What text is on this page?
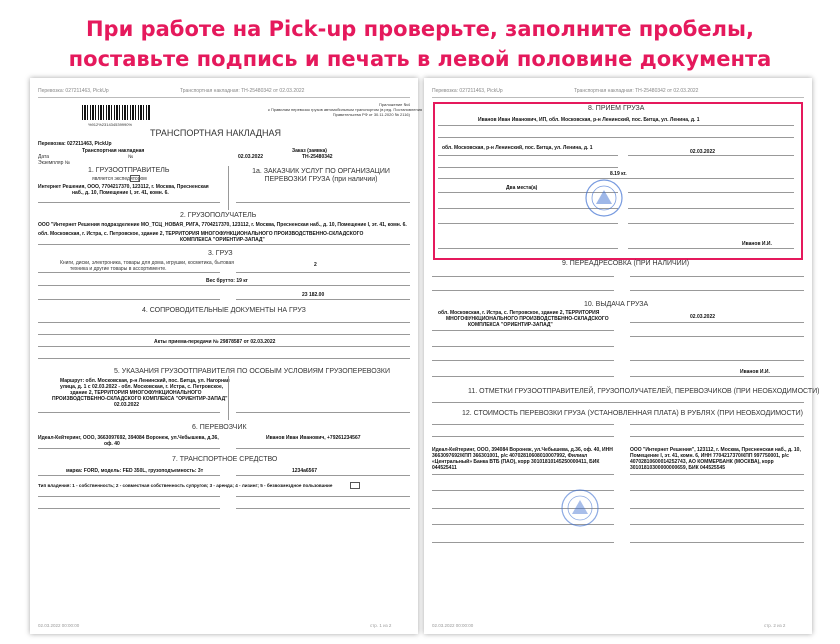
При работе на Pick-up проверьте, заполните пробелы,
поставьте подпись и печать в левой половине документа
Перевозка: 027211463, PickUp	Транспортная накладная: ТН-25480342 от 02.03.2022
%912%231434539990%
Приложение №4
к Правилам перевозок грузов автомобильным транспортом (в ред. Постановления
Правительства РФ от 30.11.2020 № 2116)
ТРАНСПОРТНАЯ НАКЛАДНАЯ
Перевозка: 027211463, PickUp
Транспортная накладная	Заказ (заявка)
Дата	№
Экземпляр №
02.03.2022	ТН-25480342
1. ГРУЗООТПРАВИТЕЛЬ
является экспедитором
1а. ЗАКАЗЧИК УСЛУГ ПО ОРГАНИЗАЦИИ ПЕРЕВОЗКИ ГРУЗА (при наличии)
Интернет Решения, ООО, 7704217370, 123112, г. Москва, Пресненская
наб., д. 10, Помещение I, эт. 41, комн. 6.
2. ГРУЗОПОЛУЧАТЕЛЬ
ООО "Интернет Решения подразделение МО_ТСЦ_НОВАЯ_РИГА, 7704217370, 123112, г. Москва, Пресненская наб., д. 10, Помещение I, эт. 41, комн. 6.
обл. Московская, г. Истра, с. Петровское, здание 2, ТЕРРИТОРИЯ МНОГОФУНКЦИОНАЛЬНОГО ПРОИЗВОДСТВЕННО-СКЛАДСКОГО
КОМПЛЕКСА "ОРИЕНТИР-ЗАПАД"
3. ГРУЗ
Книги, диски, электроника, товары для дома, игрушки, косметика, бытовая
техника и другие товары в ассортименте.
2
Вес брутто: 19 кг
23 182.00
4. СОПРОВОДИТЕЛЬНЫЕ ДОКУМЕНТЫ НА ГРУЗ
Акты приема-передачи № 29878587 от 02.03.2022
5. УКАЗАНИЯ ГРУЗООТПРАВИТЕЛЯ ПО ОСОБЫМ УСЛОВИЯМ ГРУЗОПЕРЕВОЗКИ
Маршрут: обл. Московская, р-н Ленинский, пос. Битца, ул. Нагорная
улица, д. 1 с 02.03.2022 - обл. Московская, г. Истра, с. Петровское,
здание 2, ТЕРРИТОРИЯ МНОГОФУНКЦИОНАЛЬНОГО
ПРОИЗВОДСТВЕННО-СКЛАДСКОГО КОМПЛЕКСА "ОРИЕНТИР-ЗАПАД"
02.03.2022
6. ПЕРЕВОЗЧИК
Идеал-Кейтеринг, ООО, 3663097692, 394084 Воронеж, ул.Чебышева, д.36,
оф. 40
Иванов Иван Иванович, +79261234567
7. ТРАНСПОРТНОЕ СРЕДСТВО
марка: FORD, модель: FED 350L, грузоподъемность: 3т	1234а6567
Тип владения: 1 - собственность; 2 - совместная собственность супругов; 3 - аренда; 4 - лизинг; 5 - безвозмездное пользование
02.03.2022 00:00:00	стр. 1 из 2
Перевозка: 027211463, PickUp	Транспортная накладная: ТН-25480342 от 02.03.2022
8. ПРИЕМ ГРУЗА
Иванов Иван Иванович, ИП, обл. Московская, р-н Ленинский, пос. Битца, ул. Ленина, д. 1
обл. Московская, р-н Ленинский, пос. Битца, ул. Ленина, д. 1
02.03.2022
8.19 кг.
Два места(а)
Иванов И.И.
9. ПЕРЕАДРЕСОВКА (ПРИ НАЛИЧИИ)
10. ВЫДАЧА ГРУЗА
обл. Московская, г. Истра, с. Петровское, здание 2, ТЕРРИТОРИЯ
МНОГОФУНКЦИОНАЛЬНОГО ПРОИЗВОДСТВЕННО-СКЛАДСКОГО
КОМПЛЕКСА "ОРИЕНТИР-ЗАПАД"
02.03.2022
Иванов И.И.
11. ОТМЕТКИ ГРУЗООТПРАВИТЕЛЕЙ, ГРУЗОПОЛУЧАТЕЛЕЙ, ПЕРЕВОЗЧИКОВ (ПРИ НЕОБХОДИМОСТИ)
12. СТОИМОСТЬ ПЕРЕВОЗКИ ГРУЗА (УСТАНОВЛЕННАЯ ПЛАТА) В РУБЛЯХ (ПРИ НЕОБХОДИМОСТИ)
Идеал-Кейтеринг, ООО, 394084 Воронеж, ул.Чебышева, д.36, оф. 40, ИНН
3663097692/КПП 366301001, р/с 40702810608010007992, Филиал
«Центральный» Банка ВТБ (ПАО), корр 30101810145250000411, БИК
044525411
ООО "Интернет Решения", 123112, г. Москва, Пресненская наб., д. 10,
Помещение I, эт. 41, комн. 6, ИНН 7704217370/КПП 997750001, р/с
40702810600014252743, АО КОММЕРБАНК (МОСКВА), корр
30101810300000000659, БИК 044525545
02.03.2022 00:00:00	стр. 2 из 2
